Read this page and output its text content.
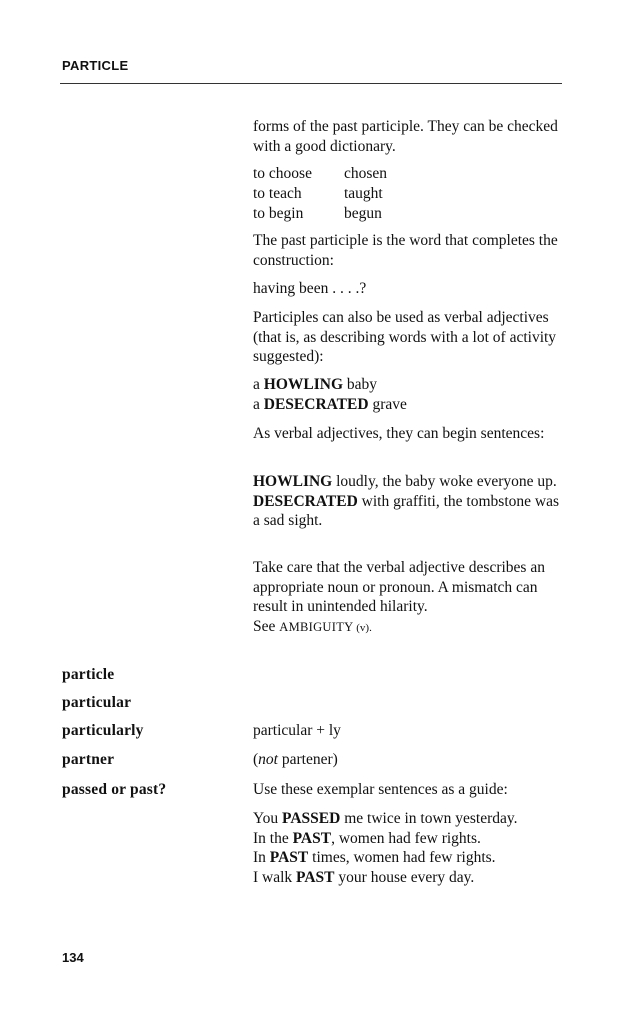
PARTICLE

forms of the past participle. They can be checked with a good dictionary.

to choose	chosen
to teach	taught
to begin	begun

The past participle is the word that completes the construction:

having been . . . .?

Participles can also be used as verbal adjectives (that is, as describing words with a lot of activity suggested):

a HOWLING baby

a DESECRATED grave

As verbal adjectives, they can begin sentences:

HOWLING loudly, the baby woke everyone up.

DESECRATED with graffiti, the tombstone was a sad sight.

Take care that the verbal adjective describes an appropriate noun or pronoun. A mismatch can result in unintended hilarity.

See AMBIGUITY (v).

particle
particular
particularly	particular + ly

partner	(not partener)

passed or past?	Use these exemplar sentences as a guide:

You PASSED me twice in town yesterday.

In the PAST, women had few rights.

In PAST times, women had few rights.

I walk PAST your house every day.

134
